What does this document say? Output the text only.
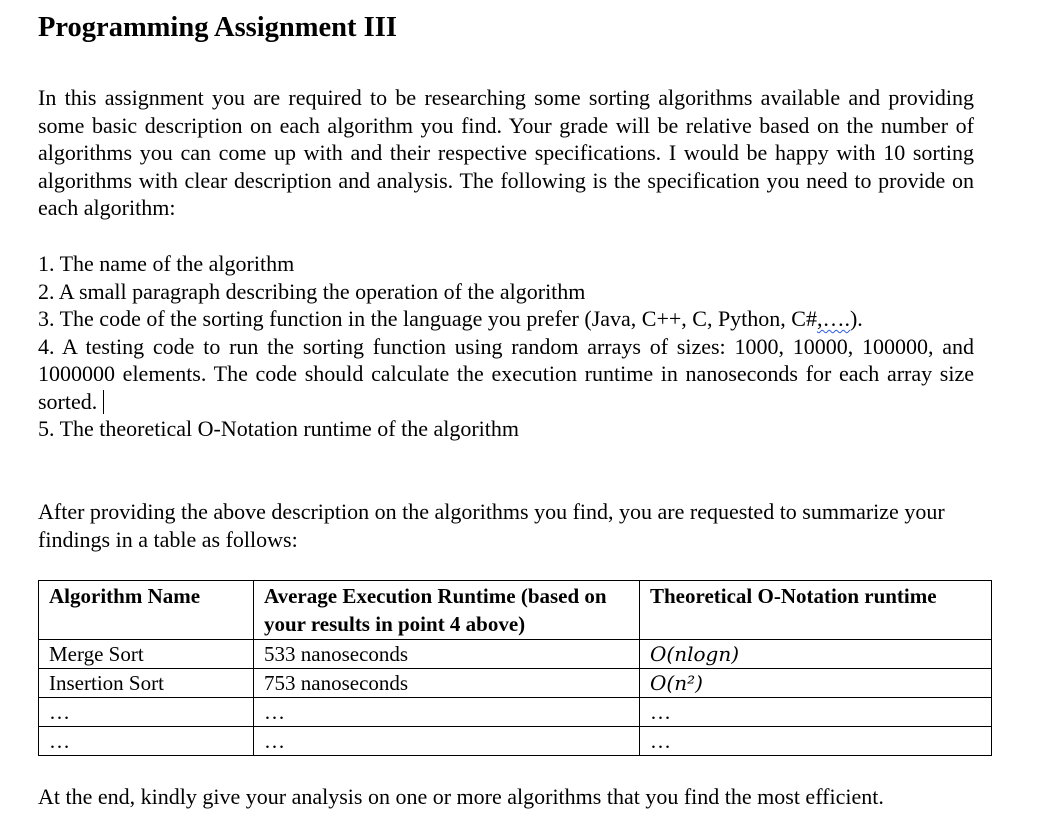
Programming Assignment III

In this assignment you are required to be researching some sorting algorithms available and providing some basic description on each algorithm you find. Your grade will be relative based on the number of algorithms you can come up with and their respective specifications. I would be happy with 10 sorting algorithms with clear description and analysis. The following is the specification you need to provide on each algorithm:

1. The name of the algorithm
2. A small paragraph describing the operation of the algorithm
3. The code of the sorting function in the language you prefer (Java, C++, C, Python, C#,….).
4. A testing code to run the sorting function using random arrays of sizes: 1000, 10000, 100000, and 1000000 elements. The code should calculate the execution runtime in nanoseconds for each array size sorted.
5. The theoretical O-Notation runtime of the algorithm

After providing the above description on the algorithms you find, you are requested to summarize your findings in a table as follows:

Algorithm Name	Average Execution Runtime (based on your results in point 4 above)	Theoretical O-Notation runtime
Merge Sort	533 nanoseconds	O(nlogn)
Insertion Sort	753 nanoseconds	O(n²)
…	…	…
…	…	…

At the end, kindly give your analysis on one or more algorithms that you find the most efficient.
